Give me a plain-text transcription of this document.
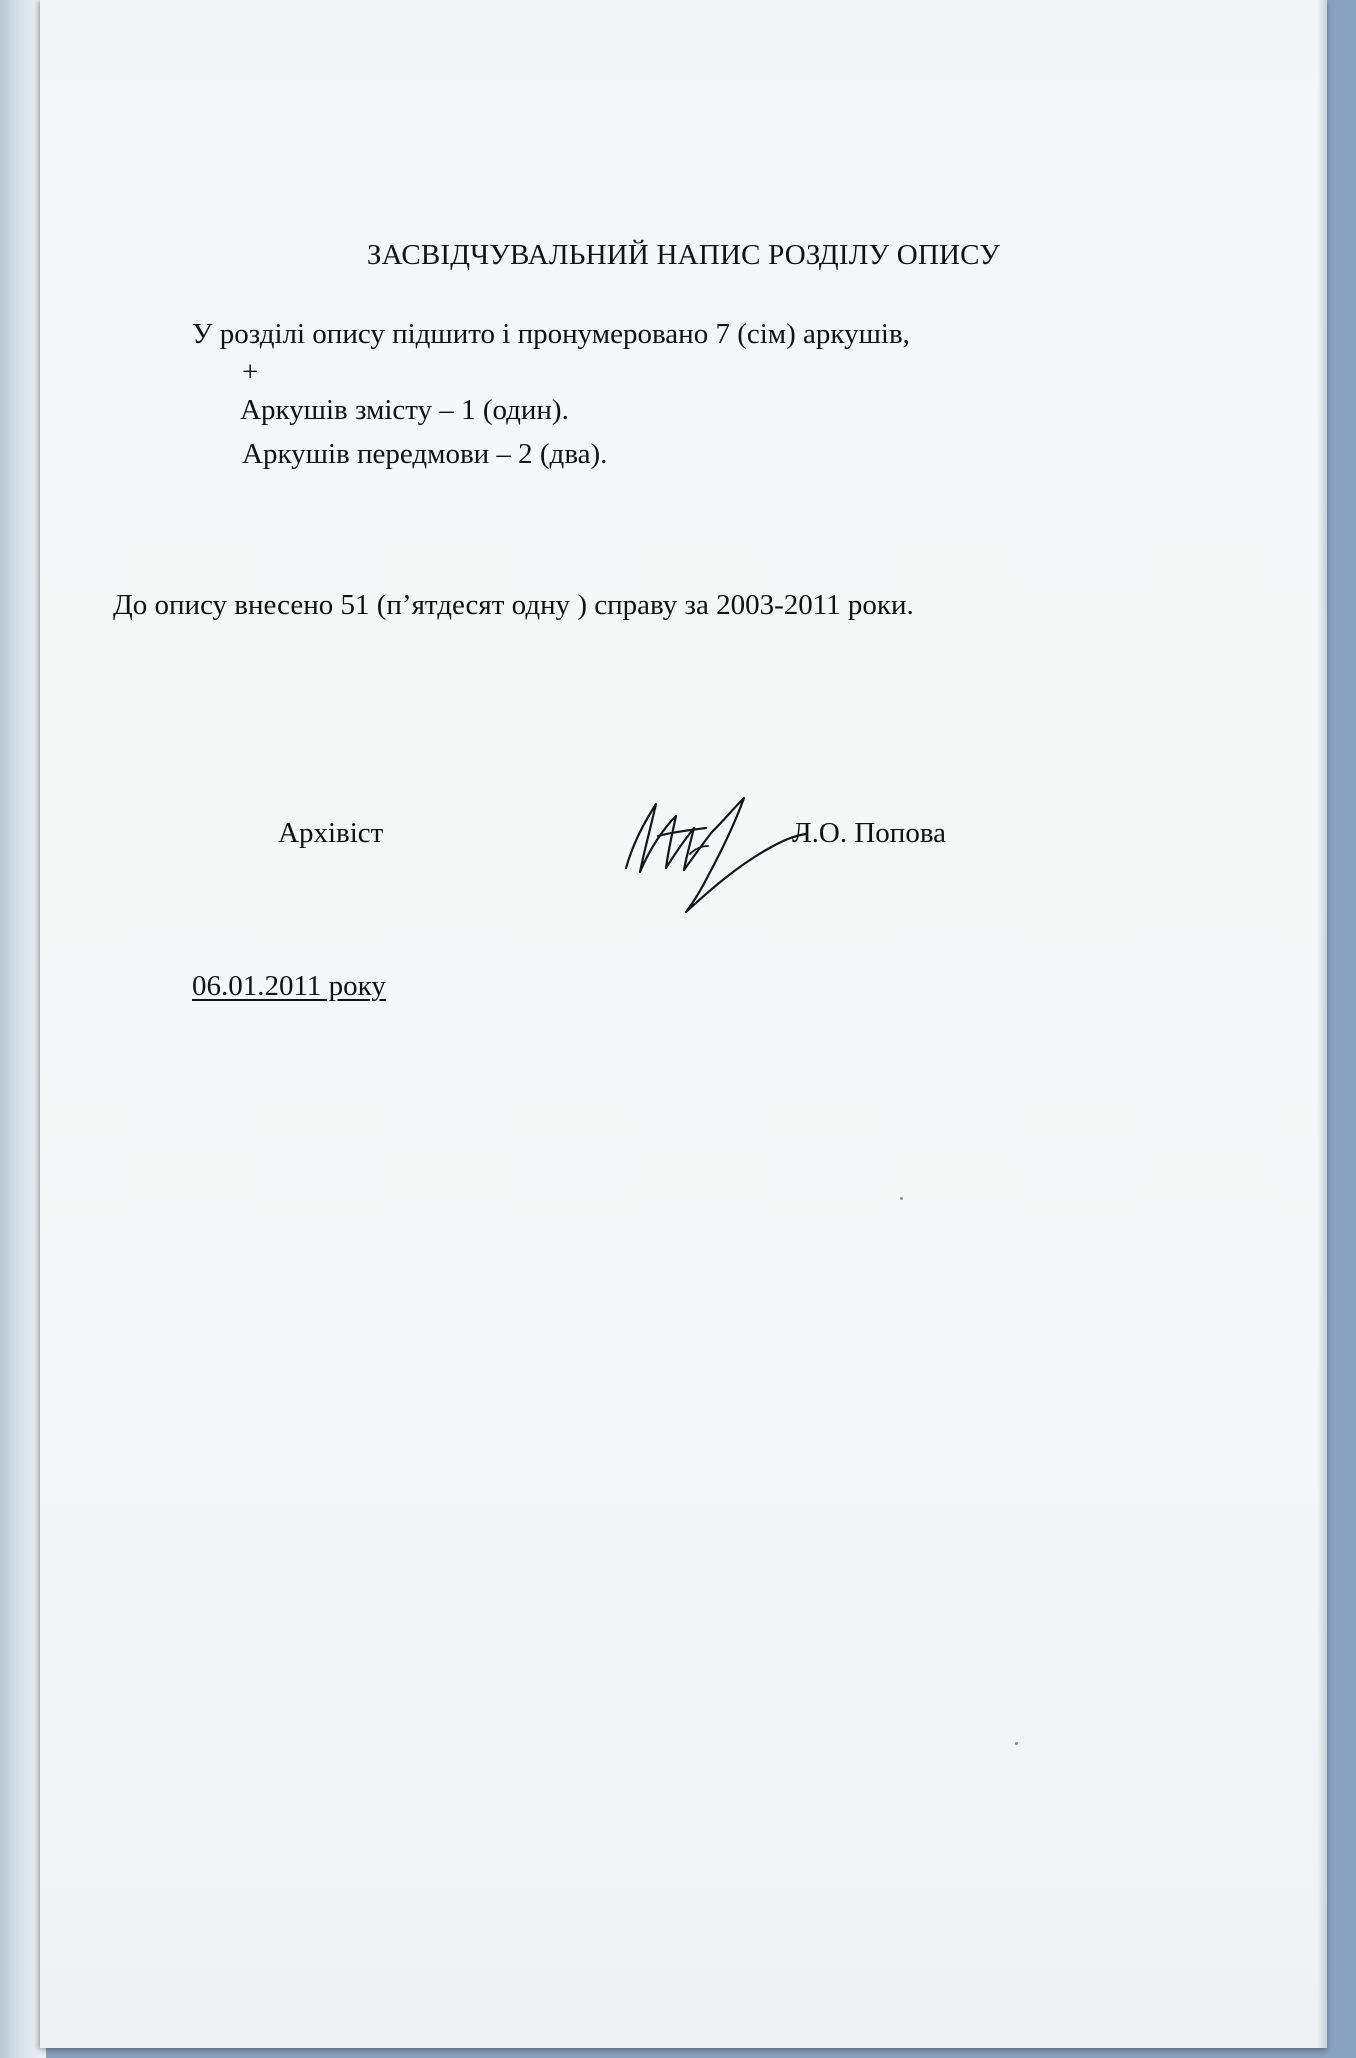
ЗАСВІДЧУВАЛЬНИЙ НАПИС РОЗДІЛУ ОПИСУ

У розділі опису підшито і пронумеровано 7 (сім) аркушів,

+

Аркушів змісту – 1 (один).

Аркушів передмови – 2 (два).

До опису внесено 51 (п’ятдесят одну ) справу за 2003-2011 роки.

Архівіст	Л.О. Попова

06.01.2011 року
